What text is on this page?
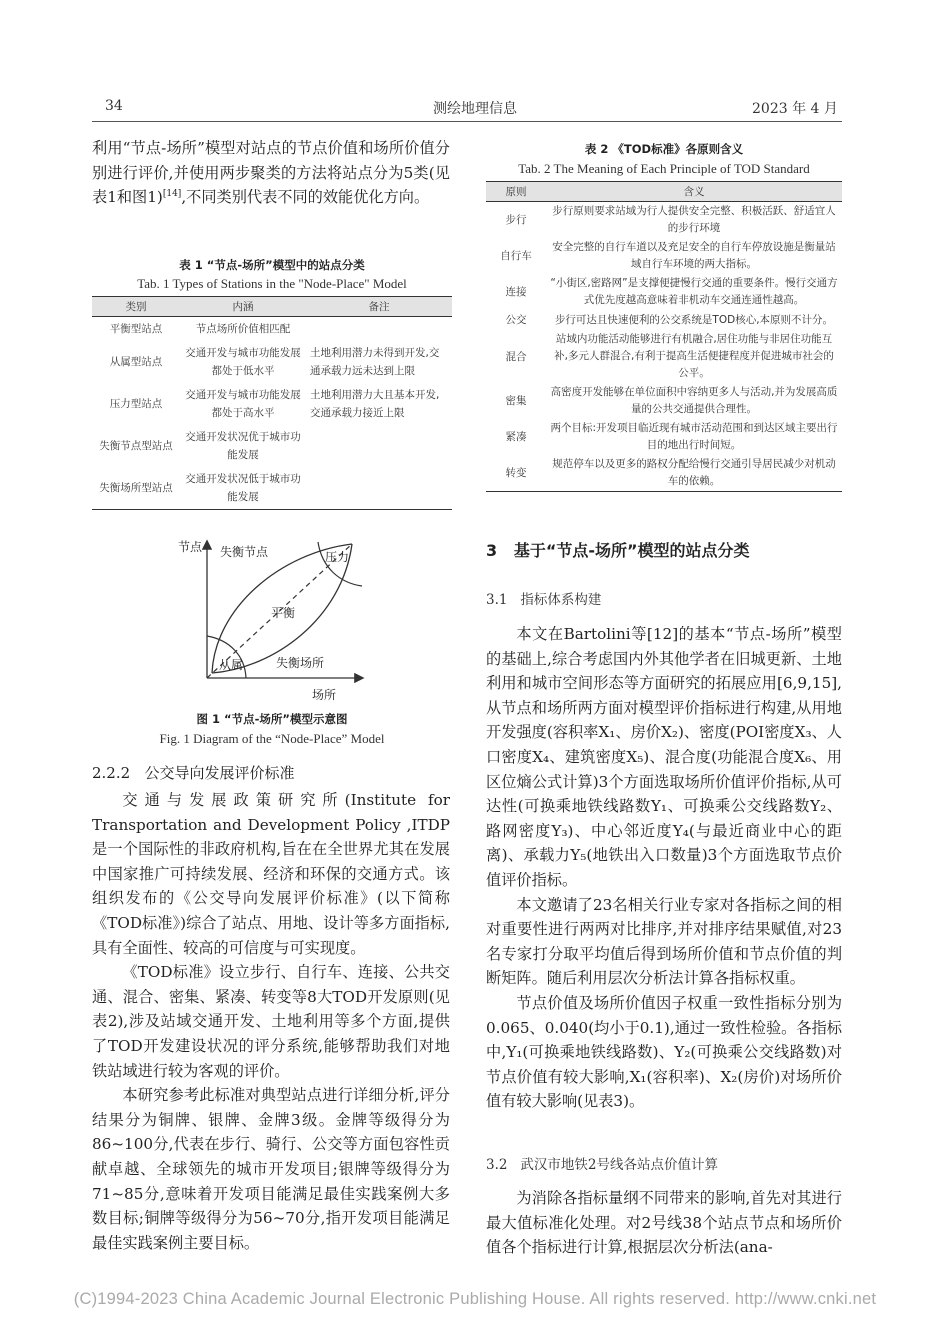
34	测绘地理信息	2023 年 4 月

利用“节点-场所”模型对站点的节点价值和场所价值分别进行评价,并使用两步聚类的方法将站点分为5类(见表1和图1)[14],不同类别代表不同的效能优化方向。

表 1 “节点-场所”模型中的站点分类
Tab. 1 Types of Stations in the "Node-Place" Model
类别	内涵	备注
平衡型站点	节点场所价值相匹配	
从属型站点	交通开发与城市功能发展都处于低水平	土地利用潜力未得到开发,交通承载力远未达到上限
压力型站点	交通开发与城市功能发展都处于高水平	土地利用潜力大且基本开发,交通承载力接近上限
失衡节点型站点	交通开发状况优于城市功能发展	
失衡场所型站点	交通开发状况低于城市功能发展	
节点
场所
失衡节点	压力
平衡
从属	失衡场所
图 1 “节点-场所”模型示意图
Fig. 1 Diagram of the “Node-Place” Model
2.2.2 公交导向发展评价标准

交通与发展政策研究所(Institute for Transportation and Development Policy ,ITDP是一个国际性的非政府机构,旨在在全世界尤其在发展中国家推广可持续发展、经济和环保的交通方式。该组织发布的《公交导向发展评价标准》(以下简称《TOD标准》)综合了站点、用地、设计等多方面指标,具有全面性、较高的可信度与可实现度。

《TOD标准》设立步行、自行车、连接、公共交通、混合、密集、紧凑、转变等8大TOD开发原则(见表2),涉及站域交通开发、土地利用等多个方面,提供了TOD开发建设状况的评分系统,能够帮助我们对地铁站域进行较为客观的评价。

本研究参考此标准对典型站点进行详细分析,评分结果分为铜牌、银牌、金牌3级。金牌等级得分为86~100分,代表在步行、骑行、公交等方面包容性贡献卓越、全球领先的城市开发项目;银牌等级得分为71~85分,意味着开发项目能满足最佳实践案例大多数目标;铜牌等级得分为56~70分,指开发项目能满足最佳实践案例主要目标。

表 2 《TOD标准》各原则含义
Tab. 2 The Meaning of Each Principle of TOD Standard
原则	含义
步行	步行原则要求站域为行人提供安全完整、积极活跃、舒适宜人的步行环境
自行车	安全完整的自行车道以及充足安全的自行车停放设施是衡量站域自行车环境的两大指标。
连接	“小街区,密路网”是支撑便捷慢行交通的重要条件。慢行交通方式优先度越高意味着非机动车交通连通性越高。
公交	步行可达且快速便利的公交系统是TOD核心,本原则不计分。
混合	站域内功能活动能够进行有机融合,居住功能与非居住功能互补,多元人群混合,有利于提高生活便捷程度并促进城市社会的公平。
密集	高密度开发能够在单位面积中容纳更多人与活动,并为发展高质量的公共交通提供合理性。
紧凑	两个目标:开发项目临近现有城市活动范围和到达区域主要出行目的地出行时间短。
转变	规范停车以及更多的路权分配给慢行交通引导居民减少对机动车的依赖。
3 基于“节点-场所”模型的站点分类
3.1 指标体系构建

本文在Bartolini等[12]的基本“节点-场所”模型的基础上,综合考虑国内外其他学者在旧城更新、土地利用和城市空间形态等方面研究的拓展应用[6,9,15],从节点和场所两方面对模型评价指标进行构建,从用地开发强度(容积率X₁、房价X₂)、密度(POI密度X₃、人口密度X₄、建筑密度X₅)、混合度(功能混合度X₆、用区位熵公式计算)3个方面选取场所价值评价指标,从可达性(可换乘地铁线路数Y₁、可换乘公交线路数Y₂、路网密度Y₃)、中心邻近度Y₄(与最近商业中心的距离)、承载力Y₅(地铁出入口数量)3个方面选取节点价值评价指标。

本文邀请了23名相关行业专家对各指标之间的相对重要性进行两两对比排序,并对排序结果赋值,对23名专家打分取平均值后得到场所价值和节点价值的判断矩阵。随后利用层次分析法计算各指标权重。

节点价值及场所价值因子权重一致性指标分别为0.065、0.040(均小于0.1),通过一致性检验。各指标中,Y₁(可换乘地铁线路数)、Y₂(可换乘公交线路数)对节点价值有较大影响,X₁(容积率)、X₂(房价)对场所价值有较大影响(见表3)。

3.2 武汉市地铁2号线各站点价值计算

为消除各指标量纲不同带来的影响,首先对其进行最大值标准化处理。对2号线38个站点节点和场所价值各个指标进行计算,根据层次分析法(ana-

(C)1994-2023 China Academic Journal Electronic Publishing House. All rights reserved. http://www.cnki.net
